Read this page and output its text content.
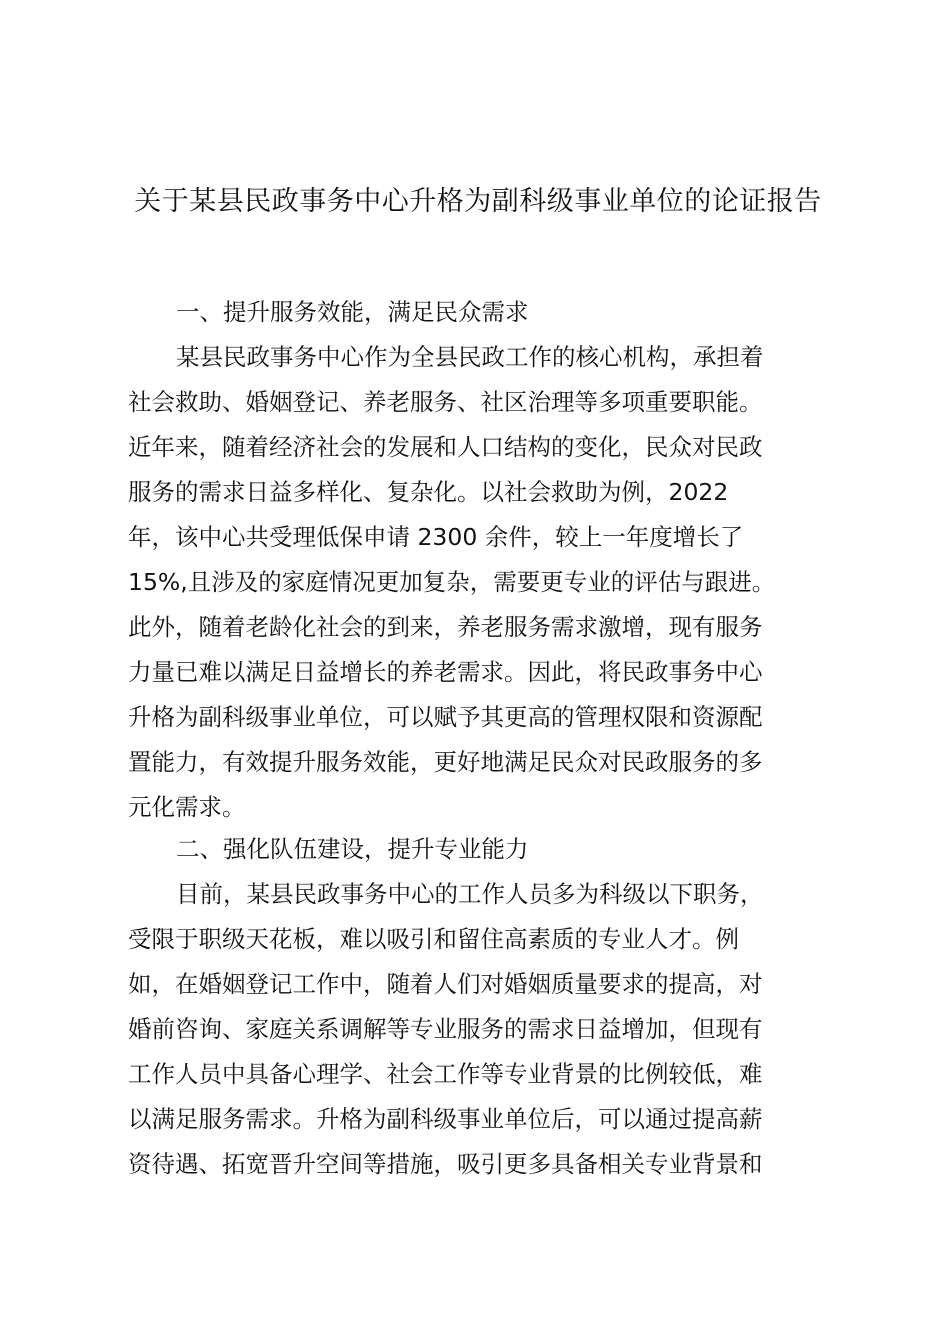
关于某县民政事务中心升格为副科级事业单位的论证报告

一、提升服务效能，满足民众需求

某县民政事务中心作为全县民政工作的核心机构，承担着

社会救助、婚姻登记、养老服务、社区治理等多项重要职能。

近年来，随着经济社会的发展和人口结构的变化，民众对民政

服务的需求日益多样化、复杂化。以社会救助为例，2022

年，该中心共受理低保申请 2300 余件，较上一年度增长了

15%,且涉及的家庭情况更加复杂，需要更专业的评估与跟进。

此外，随着老龄化社会的到来，养老服务需求激增，现有服务

力量已难以满足日益增长的养老需求。因此，将民政事务中心

升格为副科级事业单位，可以赋予其更高的管理权限和资源配

置能力，有效提升服务效能，更好地满足民众对民政服务的多

元化需求。

二、强化队伍建设，提升专业能力

目前，某县民政事务中心的工作人员多为科级以下职务，

受限于职级天花板，难以吸引和留住高素质的专业人才。例

如，在婚姻登记工作中，随着人们对婚姻质量要求的提高，对

婚前咨询、家庭关系调解等专业服务的需求日益增加，但现有

工作人员中具备心理学、社会工作等专业背景的比例较低，难

以满足服务需求。升格为副科级事业单位后，可以通过提高薪

资待遇、拓宽晋升空间等措施，吸引更多具备相关专业背景和
